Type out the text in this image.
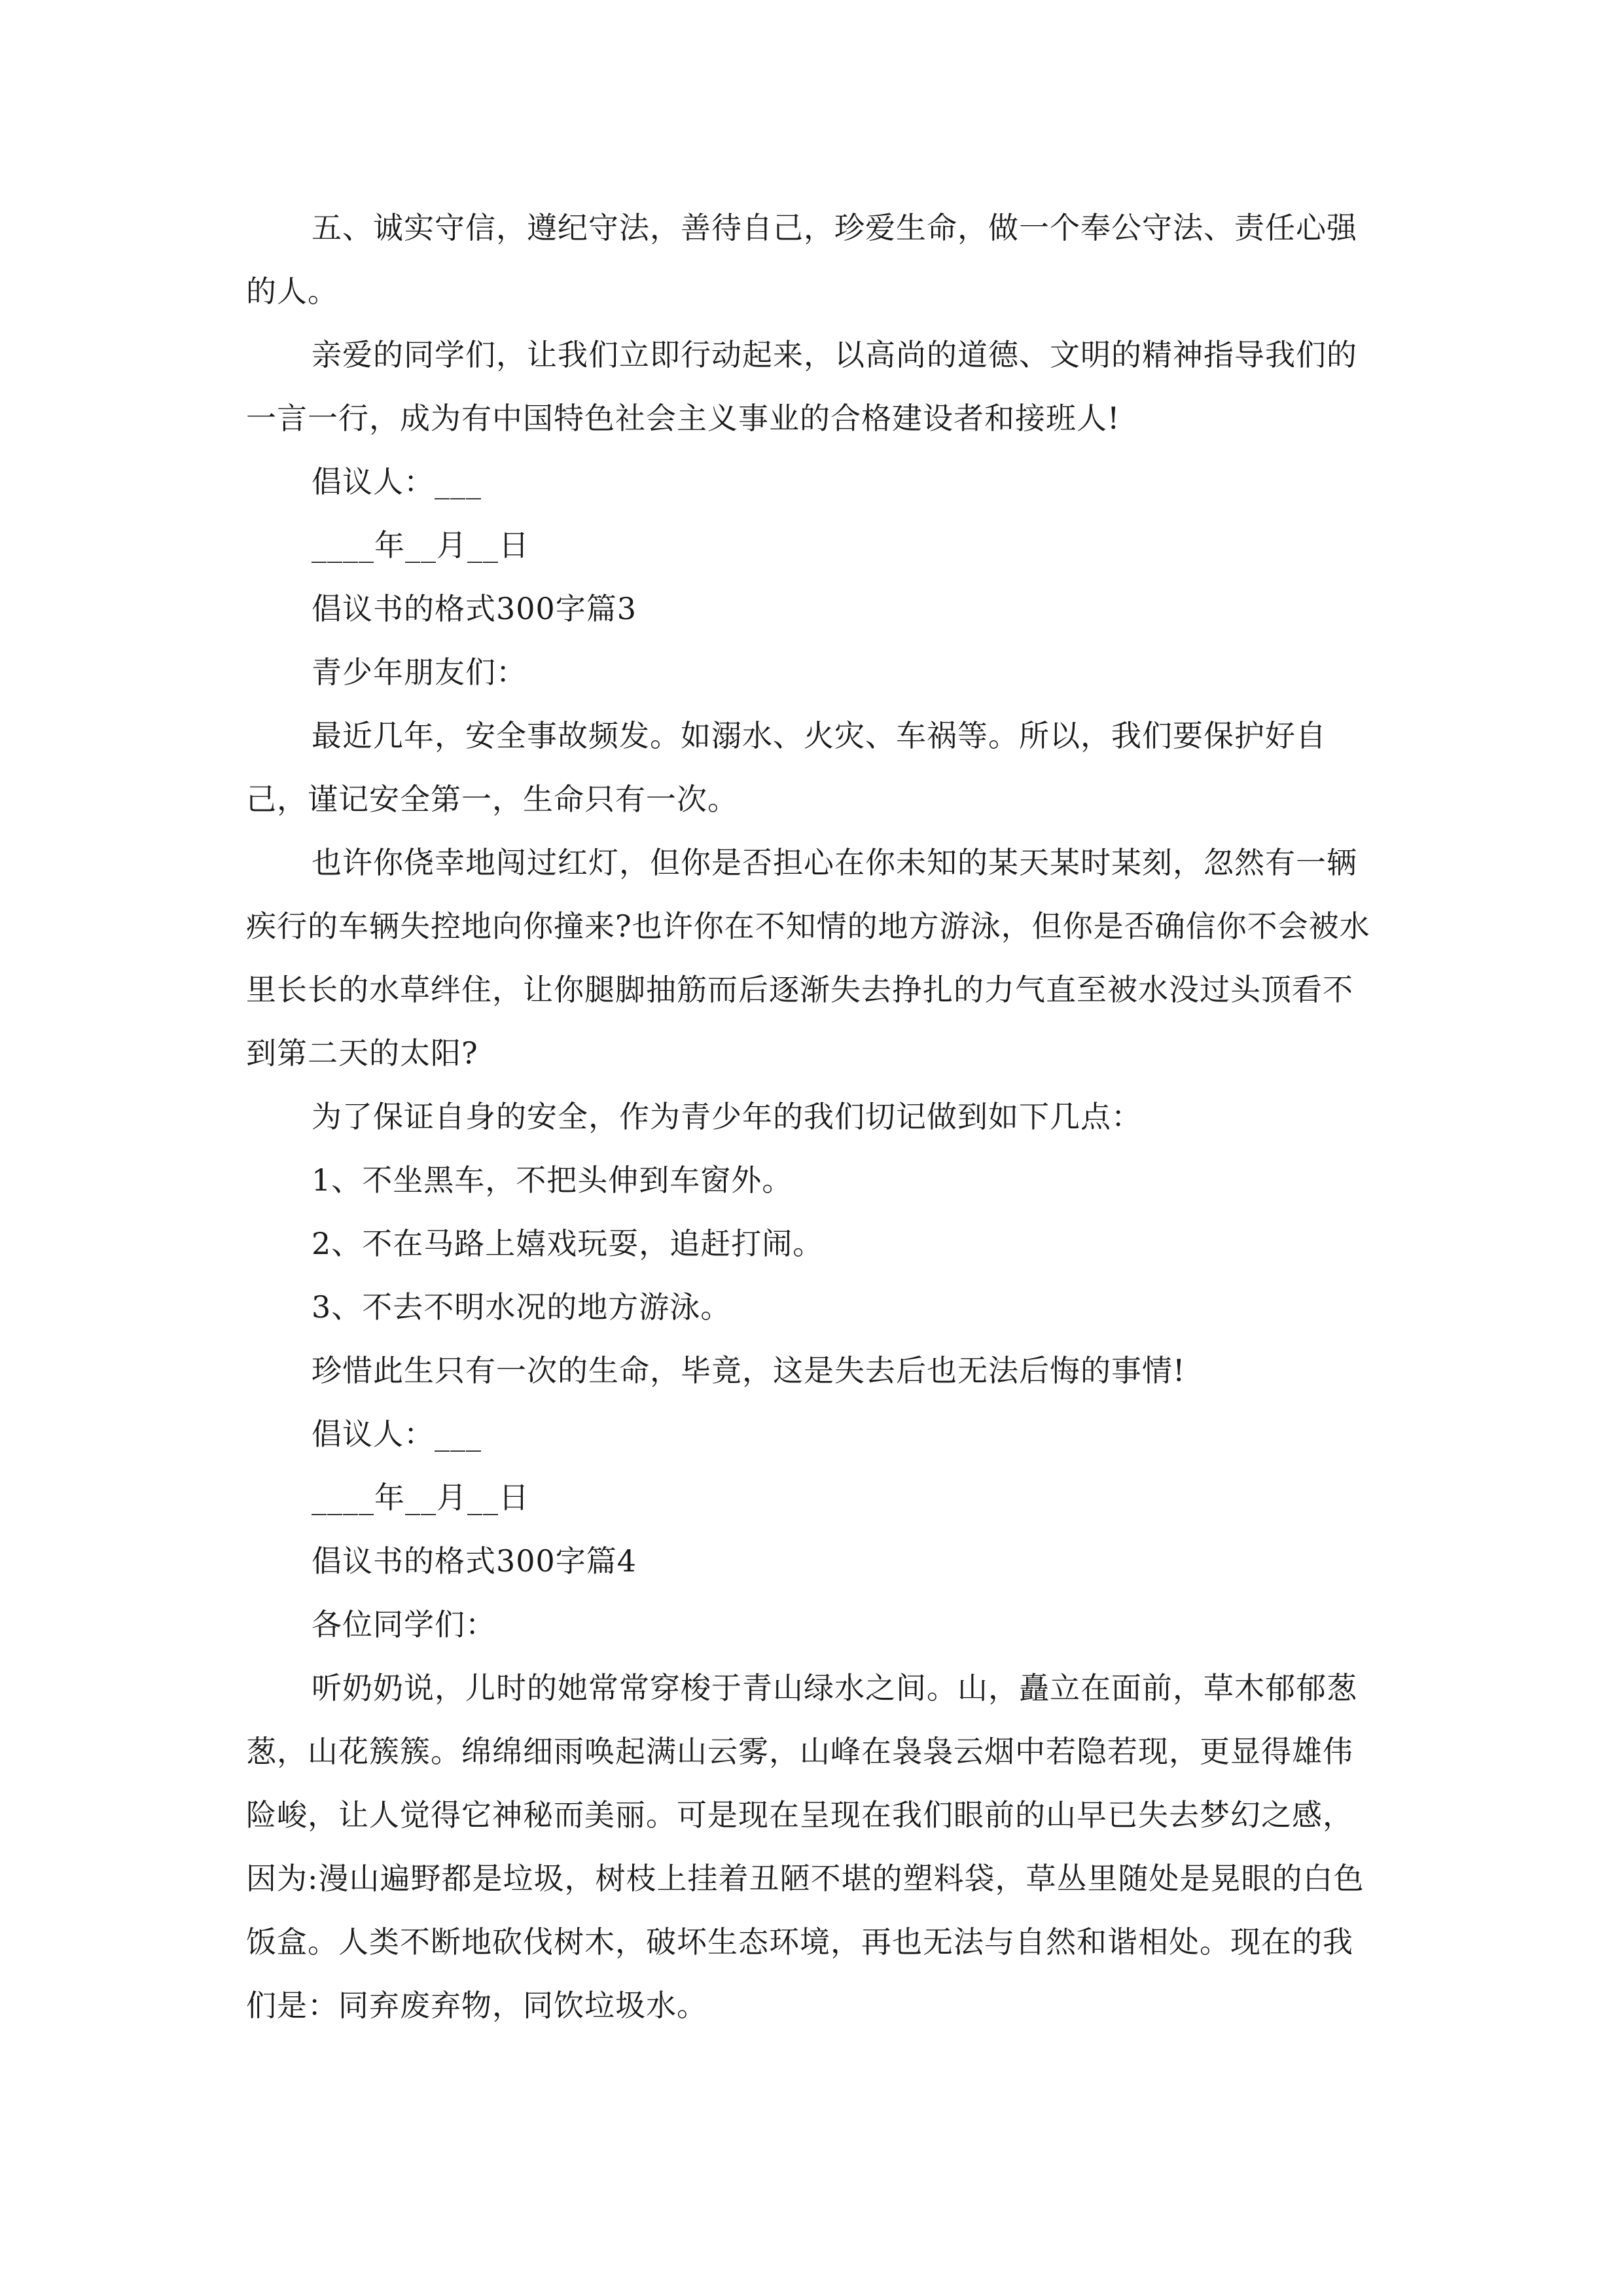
五、诚实守信，遵纪守法，善待自己，珍爱生命，做一个奉公守法、责任心强的人。

亲爱的同学们，让我们立即行动起来，以高尚的道德、文明的精神指导我们的一言一行，成为有中国特色社会主义事业的合格建设者和接班人!

倡议人：___

____年__月__日

倡议书的格式300字篇3

青少年朋友们：

最近几年，安全事故频发。如溺水、火灾、车祸等。所以，我们要保护好自己，谨记安全第一，生命只有一次。

也许你侥幸地闯过红灯，但你是否担心在你未知的某天某时某刻，忽然有一辆疾行的车辆失控地向你撞来?也许你在不知情的地方游泳，但你是否确信你不会被水里长长的水草绊住，让你腿脚抽筋而后逐渐失去挣扎的力气直至被水没过头顶看不到第二天的太阳?

为了保证自身的安全，作为青少年的我们切记做到如下几点：

1、不坐黑车，不把头伸到车窗外。

2、不在马路上嬉戏玩耍，追赶打闹。

3、不去不明水况的地方游泳。

珍惜此生只有一次的生命，毕竟，这是失去后也无法后悔的事情!

倡议人：___

____年__月__日

倡议书的格式300字篇4

各位同学们：

听奶奶说，儿时的她常常穿梭于青山绿水之间。山，矗立在面前，草木郁郁葱葱，山花簇簇。绵绵细雨唤起满山云雾，山峰在袅袅云烟中若隐若现，更显得雄伟险峻，让人觉得它神秘而美丽。可是现在呈现在我们眼前的山早已失去梦幻之感，因为:漫山遍野都是垃圾，树枝上挂着丑陋不堪的塑料袋，草丛里随处是晃眼的白色饭盒。人类不断地砍伐树木，破坏生态环境，再也无法与自然和谐相处。现在的我们是：同弃废弃物，同饮垃圾水。
